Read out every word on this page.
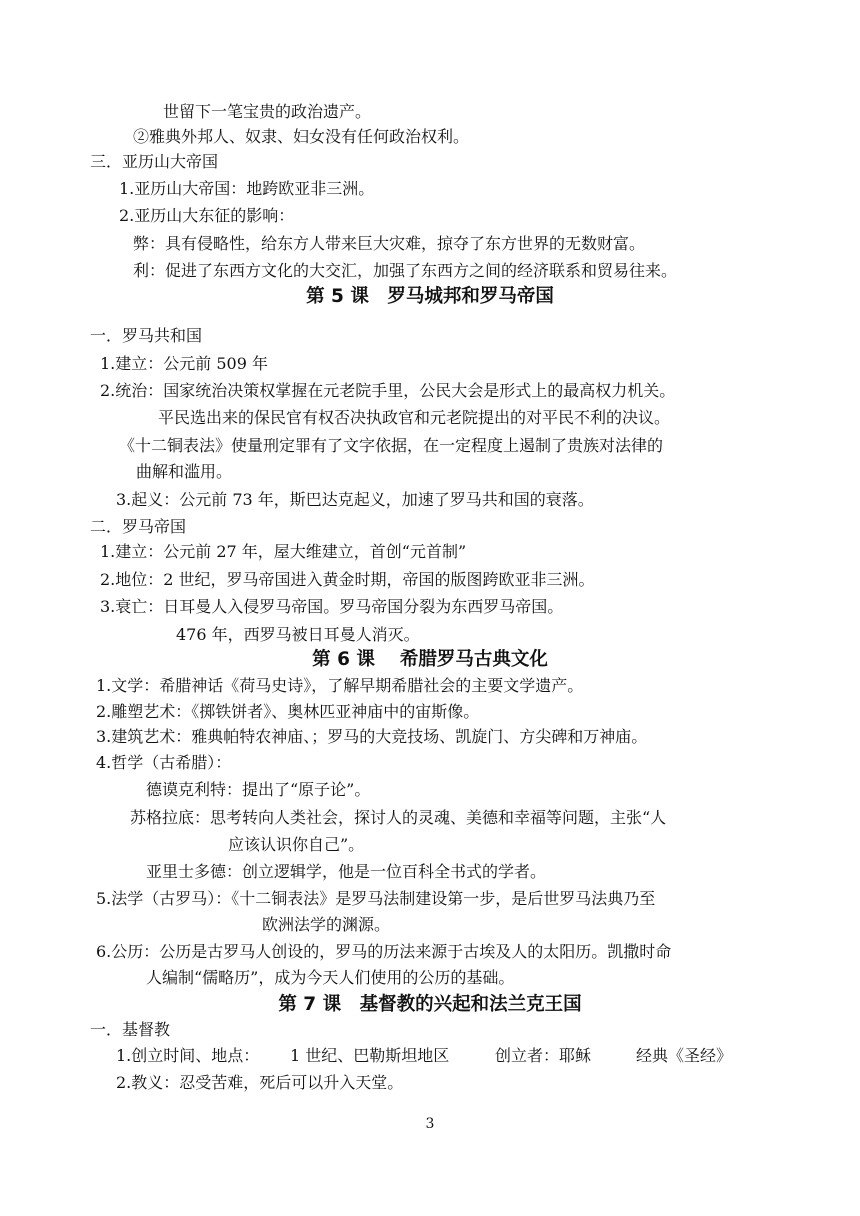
世留下一笔宝贵的政治遗产。
②雅典外邦人、奴隶、妇女没有任何政治权利。
三．亚历山大帝国
1.亚历山大帝国：地跨欧亚非三洲。
2.亚历山大东征的影响：
弊：具有侵略性，给东方人带来巨大灾难，掠夺了东方世界的无数财富。
利：促进了东西方文化的大交汇，加强了东西方之间的经济联系和贸易往来。
第 5 课　罗马城邦和罗马帝国
一．罗马共和国
1.建立：公元前 509 年
2.统治：国家统治决策权掌握在元老院手里，公民大会是形式上的最高权力机关。
平民选出来的保民官有权否决执政官和元老院提出的对平民不利的决议。
《十二铜表法》使量刑定罪有了文字依据，在一定程度上遏制了贵族对法律的
曲解和滥用。
3.起义：公元前 73 年，斯巴达克起义，加速了罗马共和国的衰落。
二．罗马帝国
1.建立：公元前 27 年，屋大维建立，首创“元首制”
2.地位：2 世纪，罗马帝国进入黄金时期，帝国的版图跨欧亚非三洲。
3.衰亡：日耳曼人入侵罗马帝国。罗马帝国分裂为东西罗马帝国。
476 年，西罗马被日耳曼人消灭。
第 6 课　 希腊罗马古典文化
1.文学：希腊神话《荷马史诗》，了解早期希腊社会的主要文学遗产。
2.雕塑艺术：《掷铁饼者》、奥林匹亚神庙中的宙斯像。
3.建筑艺术：雅典帕特农神庙、；罗马的大竞技场、凯旋门、方尖碑和万神庙。
4.哲学（古希腊）：
德谟克利特：提出了“原子论”。
苏格拉底：思考转向人类社会，探讨人的灵魂、美德和幸福等问题，主张“人
应该认识你自己”。
亚里士多德：创立逻辑学，他是一位百科全书式的学者。
5.法学（古罗马）：《十二铜表法》是罗马法制建设第一步，是后世罗马法典乃至
欧洲法学的渊源。
6.公历：公历是古罗马人创设的，罗马的历法来源于古埃及人的太阳历。凯撒时命
人编制“儒略历”，成为今天人们使用的公历的基础。
第 7 课　基督教的兴起和法兰克王国
一．基督教
1.创立时间、地点： 1 世纪、巴勒斯坦地区	创立者：耶稣	经典《圣经》
2.教义：忍受苦难，死后可以升入天堂。
3
